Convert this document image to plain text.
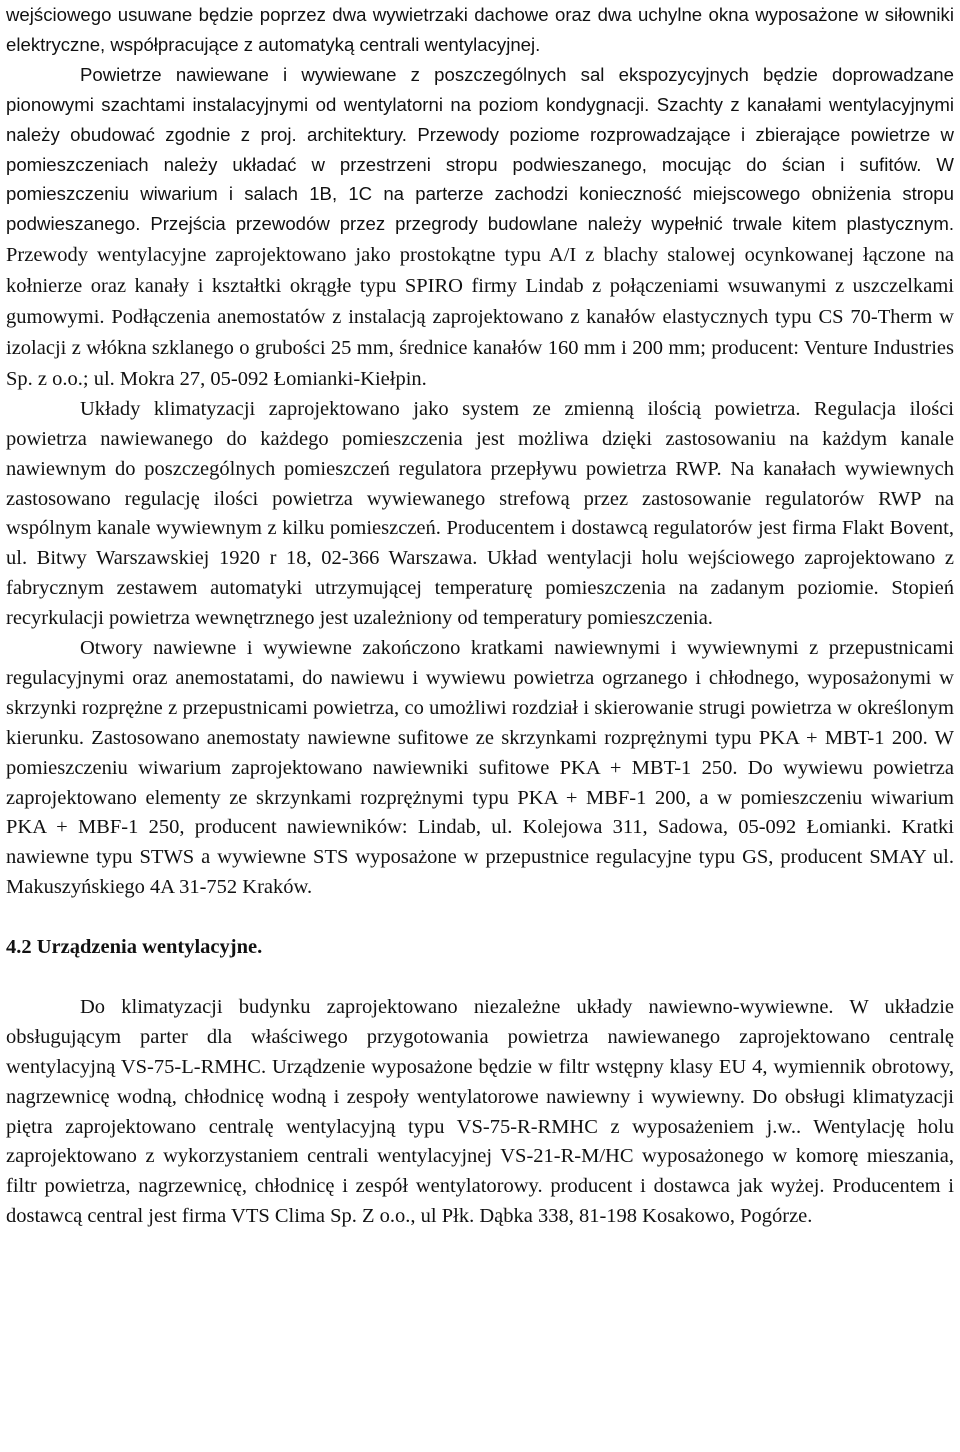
wejściowego usuwane będzie poprzez dwa wywietrzaki dachowe oraz dwa uchylne okna wyposażone w siłowniki elektryczne, współpracujące z automatyką centrali wentylacyjnej.

Powietrze nawiewane i wywiewane z poszczególnych sal ekspozycyjnych będzie doprowadzane pionowymi szachtami instalacyjnymi od wentylatorni na poziom kondygnacji. Szachty z kanałami wentylacyjnymi należy obudować zgodnie z proj. architektury. Przewody poziome rozprowadzające i zbierające powietrze w pomieszczeniach należy układać w przestrzeni stropu podwieszanego, mocując do ścian i sufitów. W pomieszczeniu wiwarium i salach 1B, 1C na parterze zachodzi konieczność miejscowego obniżenia stropu podwieszanego. Przejścia przewodów przez przegrody budowlane należy wypełnić trwale kitem plastycznym. Przewody wentylacyjne zaprojektowano jako prostokątne typu A/I z blachy stalowej ocynkowanej łączone na kołnierze oraz kanały i kształtki okrągłe typu SPIRO firmy Lindab z połączeniami wsuwanymi z uszczelkami gumowymi. Podłączenia anemostatów z instalacją zaprojektowano z kanałów elastycznych typu CS 70-Therm w izolacji z włókna szklanego o grubości 25 mm, średnice kanałów 160 mm i 200 mm; producent: Venture Industries Sp. z o.o.; ul. Mokra 27, 05-092 Łomianki-Kiełpin.

Układy klimatyzacji zaprojektowano jako system ze zmienną ilością powietrza. Regulacja ilości powietrza nawiewanego do każdego pomieszczenia jest możliwa dzięki zastosowaniu na każdym kanale nawiewnym do poszczególnych pomieszczeń regulatora przepływu powietrza RWP. Na kanałach wywiewnych zastosowano regulację ilości powietrza wywiewanego strefową przez zastosowanie regulatorów RWP na wspólnym kanale wywiewnym z kilku pomieszczeń. Producentem i dostawcą regulatorów jest firma Flakt Bovent, ul. Bitwy Warszawskiej 1920 r 18, 02-366 Warszawa. Układ wentylacji holu wejściowego zaprojektowano z fabrycznym zestawem automatyki utrzymującej temperaturę pomieszczenia na zadanym poziomie. Stopień recyrkulacji powietrza wewnętrznego jest uzależniony od temperatury pomieszczenia.

Otwory nawiewne i wywiewne zakończono kratkami nawiewnymi i wywiewnymi z przepustnicami regulacyjnymi oraz anemostatami, do nawiewu i wywiewu powietrza ogrzanego i chłodnego, wyposażonymi w skrzynki rozprężne z przepustnicami powietrza, co umożliwi rozdział i skierowanie strugi powietrza w określonym kierunku. Zastosowano anemostaty nawiewne sufitowe ze skrzynkami rozprężnymi typu PKA + MBT-1 200. W pomieszczeniu wiwarium zaprojektowano nawiewniki sufitowe PKA + MBT-1 250. Do wywiewu powietrza zaprojektowano elementy ze skrzynkami rozprężnymi typu PKA + MBF-1 200, a w pomieszczeniu wiwarium PKA + MBF-1 250, producent nawiewników: Lindab, ul. Kolejowa 311, Sadowa, 05-092 Łomianki. Kratki nawiewne typu STWS a wywiewne STS wyposażone w przepustnice regulacyjne typu GS, producent SMAY ul. Makuszyńskiego 4A 31-752 Kraków.

4.2 Urządzenia wentylacyjne.

Do klimatyzacji budynku zaprojektowano niezależne układy nawiewno-wywiewne. W układzie obsługującym parter dla właściwego przygotowania powietrza nawiewanego zaprojektowano centralę wentylacyjną VS-75-L-RMHC. Urządzenie wyposażone będzie w filtr wstępny klasy EU 4, wymiennik obrotowy, nagrzewnicę wodną, chłodnicę wodną i zespoły wentylatorowe nawiewny i wywiewny. Do obsługi klimatyzacji piętra zaprojektowano centralę wentylacyjną typu VS-75-R-RMHC z wyposażeniem j.w.. Wentylację holu zaprojektowano z wykorzystaniem centrali wentylacyjnej VS-21-R-M/HC wyposażonego w komorę mieszania, filtr powietrza, nagrzewnicę, chłodnicę i zespół wentylatorowy. producent i dostawca jak wyżej. Producentem i dostawcą central jest firma VTS Clima Sp. Z o.o., ul Płk. Dąbka 338, 81-198 Kosakowo, Pogórze.
